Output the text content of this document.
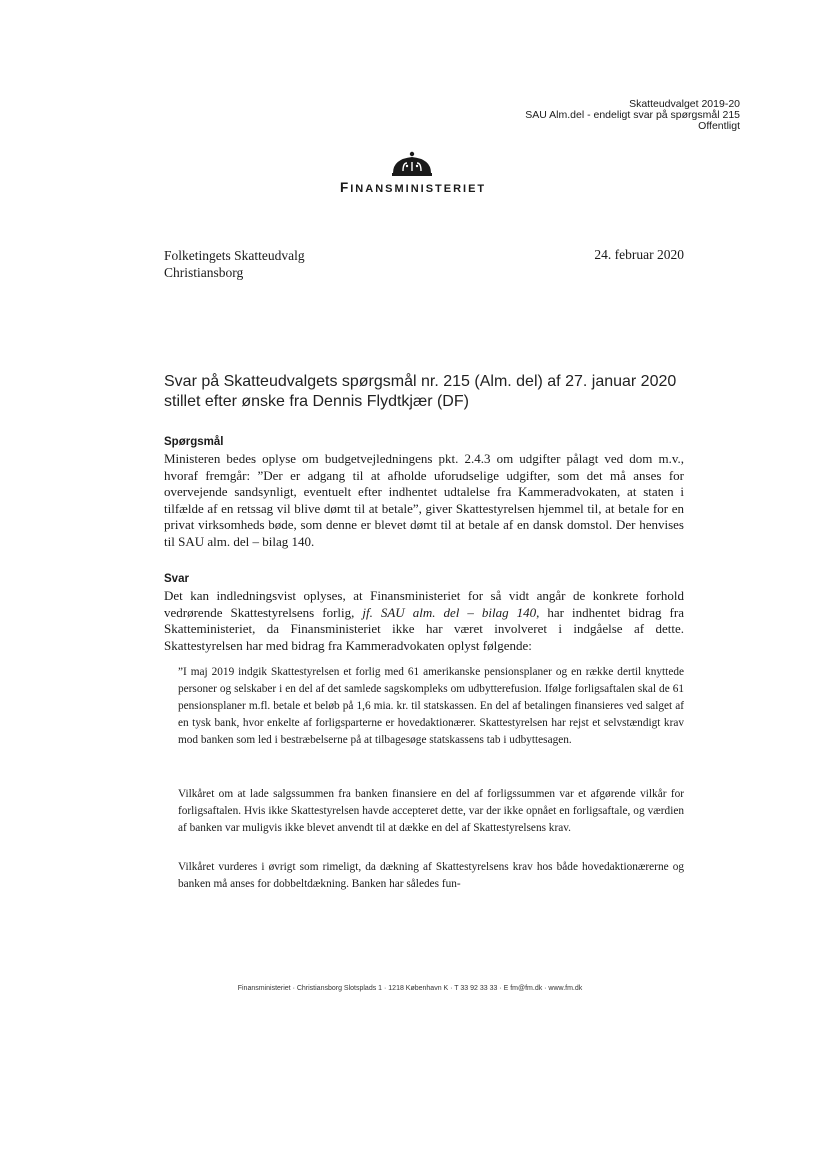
Skatteudvalget 2019-20
SAU Alm.del - endeligt svar på spørgsmål 215
Offentligt
FINANSMINISTERIET
Folketingets Skatteudvalg
Christiansborg
24. februar 2020
Svar på Skatteudvalgets spørgsmål nr. 215 (Alm. del) af 27. januar 2020 stillet efter ønske fra Dennis Flydtkjær (DF)
Spørgsmål
Ministeren bedes oplyse om budgetvejledningens pkt. 2.4.3 om udgifter pålagt ved dom m.v., hvoraf fremgår: ”Der er adgang til at afholde uforudselige udgifter, som det må anses for overvejende sandsynligt, eventuelt efter indhentet udtalelse fra Kammeradvokaten, at staten i tilfælde af en retssag vil blive dømt til at betale”, giver Skattestyrelsen hjemmel til, at betale for en privat virksomheds bøde, som denne er blevet dømt til at betale af en dansk domstol. Der henvises til SAU alm. del – bilag 140.
Svar
Det kan indledningsvist oplyses, at Finansministeriet for så vidt angår de konkrete forhold vedrørende Skattestyrelsens forlig, jf. SAU alm. del – bilag 140, har indhentet bidrag fra Skatteministeriet, da Finansministeriet ikke har været involveret i indgåelse af dette. Skattestyrelsen har med bidrag fra Kammeradvokaten oplyst følgende:
”I maj 2019 indgik Skattestyrelsen et forlig med 61 amerikanske pensionsplaner og en række dertil knyttede personer og selskaber i en del af det samlede sagskompleks om udbytterefusion. Ifølge forligsaftalen skal de 61 pensionsplaner m.fl. betale et beløb på 1,6 mia. kr. til statskassen. En del af betalingen finansieres ved salget af en tysk bank, hvor enkelte af forligsparterne er hovedaktionærer. Skattestyrelsen har rejst et selvstændigt krav mod banken som led i bestræbelserne på at tilbagesøge statskassens tab i udbyttesagen.
Vilkåret om at lade salgssummen fra banken finansiere en del af forligssummen var et afgørende vilkår for forligsaftalen. Hvis ikke Skattestyrelsen havde accepteret dette, var der ikke opnået en forligsaftale, og værdien af banken var muligvis ikke blevet anvendt til at dække en del af Skattestyrelsens krav.
Vilkåret vurderes i øvrigt som rimeligt, da dækning af Skattestyrelsens krav hos både hovedaktionærerne og banken må anses for dobbeltdækning. Banken har således fun-
Finansministeriet · Christiansborg Slotsplads 1 · 1218 København K · T 33 92 33 33 · E fm@fm.dk · www.fm.dk
